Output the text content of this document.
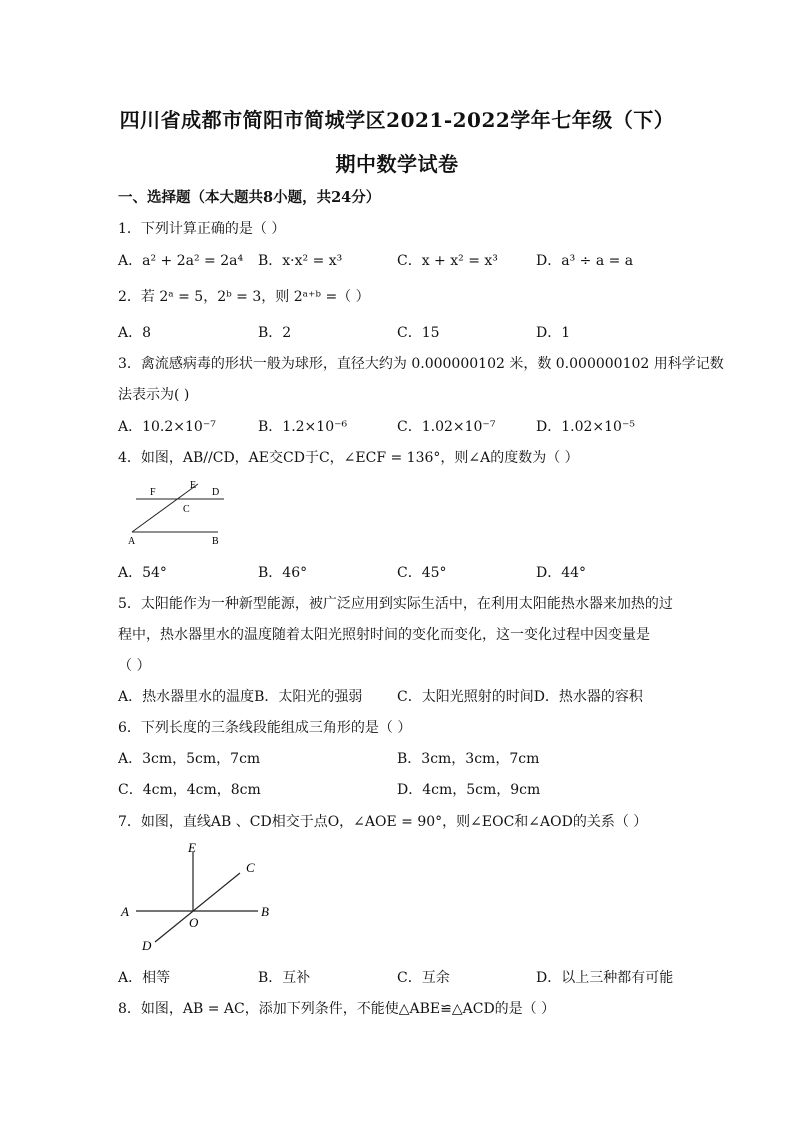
四川省成都市简阳市简城学区2021-2022学年七年级（下）
期中数学试卷
一、选择题（本大题共8小题，共24分）
1．下列计算正确的是（ ）
A．a² + 2a² = 2a⁴ B．x·x² = x³	C．x + x² = x³	D．a³ ÷ a = a
2．若 2ᵃ = 5，2ᵇ = 3，则 2ᵃ⁺ᵇ =（ ）
A．8	B．2	C．15	D．1
3．禽流感病毒的形状一般为球形，直径大约为 0.000000102 米，数 0.000000102 用科学记数
法表示为( )
A．10.2×10⁻⁷	B．1.2×10⁻⁶	C．1.02×10⁻⁷	D．1.02×10⁻⁵
4．如图，AB//CD，AE交CD于C，∠ECF = 136°，则∠A的度数为（ ）
F
E
D
C
A	B
A．54°	B．46°	C．45°	D．44°
5．太阳能作为一种新型能源，被广泛应用到实际生活中，在利用太阳能热水器来加热的过
程中，热水器里水的温度随着太阳光照射时间的变化而变化，这一变化过程中因变量是
（ ）
A．热水器里水的温度B．太阳光的强弱 C．太阳光照射的时间D．热水器的容积
6．下列长度的三条线段能组成三角形的是（ ）
A．3cm，5cm，7cm	B．3cm，3cm，7cm
C．4cm，4cm，8cm	D．4cm，5cm，9cm
7．如图，直线AB 、CD相交于点O，∠AOE = 90°，则∠EOC和∠AOD的关系（ ）
E
C
A
O
B
D
A．相等	B．互补	C．互余	D．以上三种都有可能
8．如图，AB = AC，添加下列条件，不能使△ABE≌△ACD的是（ ）
